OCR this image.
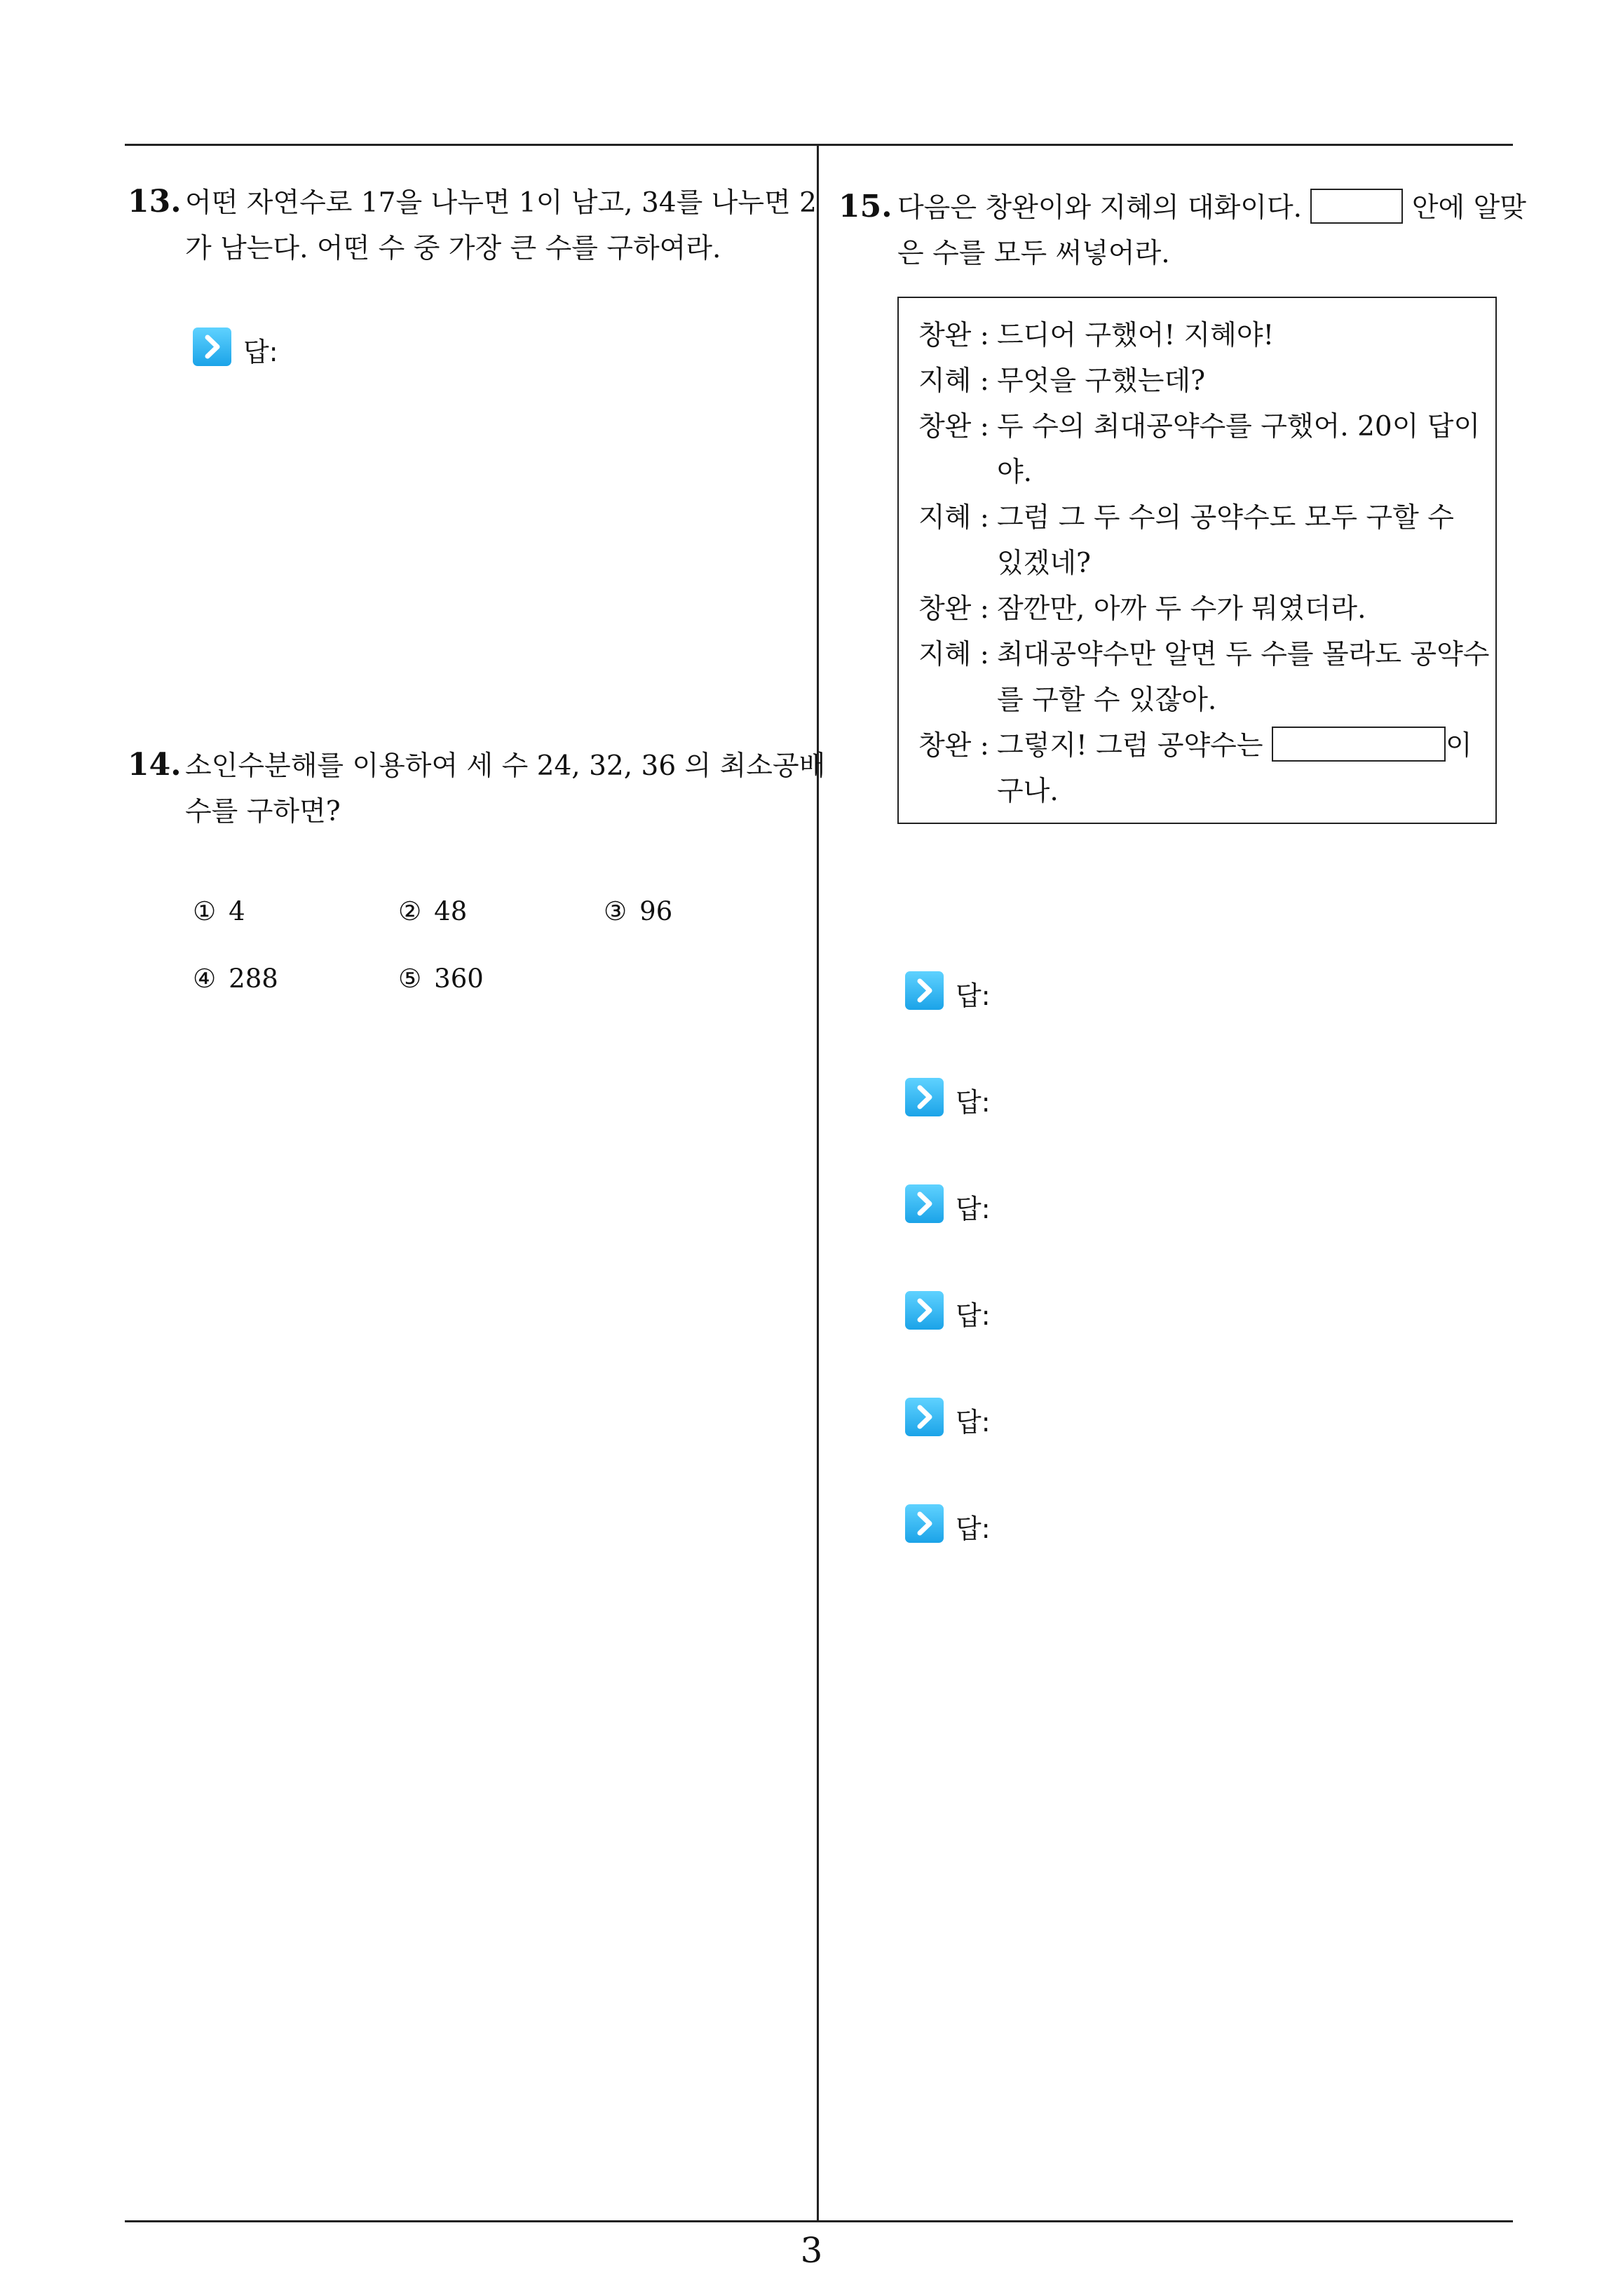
13. 어떤 자연수로 17을 나누면 1이 남고, 34를 나누면 2
가 남는다. 어떤 수 중 가장 큰 수를 구하여라.
답:
14. 소인수분해를 이용하여 세 수 24, 32, 36 의 최소공배
수를 구하면?
① 4	② 48	③ 96
④ 288	⑤ 360
15. 다음은 창완이와 지혜의 대화이다.	안에 알맞
은 수를 모두 써넣어라.
창완 : 드디어 구했어! 지혜야!
지혜 : 무엇을 구했는데?
창완 : 두 수의 최대공약수를 구했어. 20이 답이
야.
지혜 : 그럼 그 두 수의 공약수도 모두 구할 수
있겠네?
창완 : 잠깐만, 아까 두 수가 뭐였더라.
지혜 : 최대공약수만 알면 두 수를 몰라도 공약수
를 구할 수 있잖아.
창완 : 그렇지! 그럼 공약수는	이
구나.
답:
답:
답:
답:
답:
답:
3
